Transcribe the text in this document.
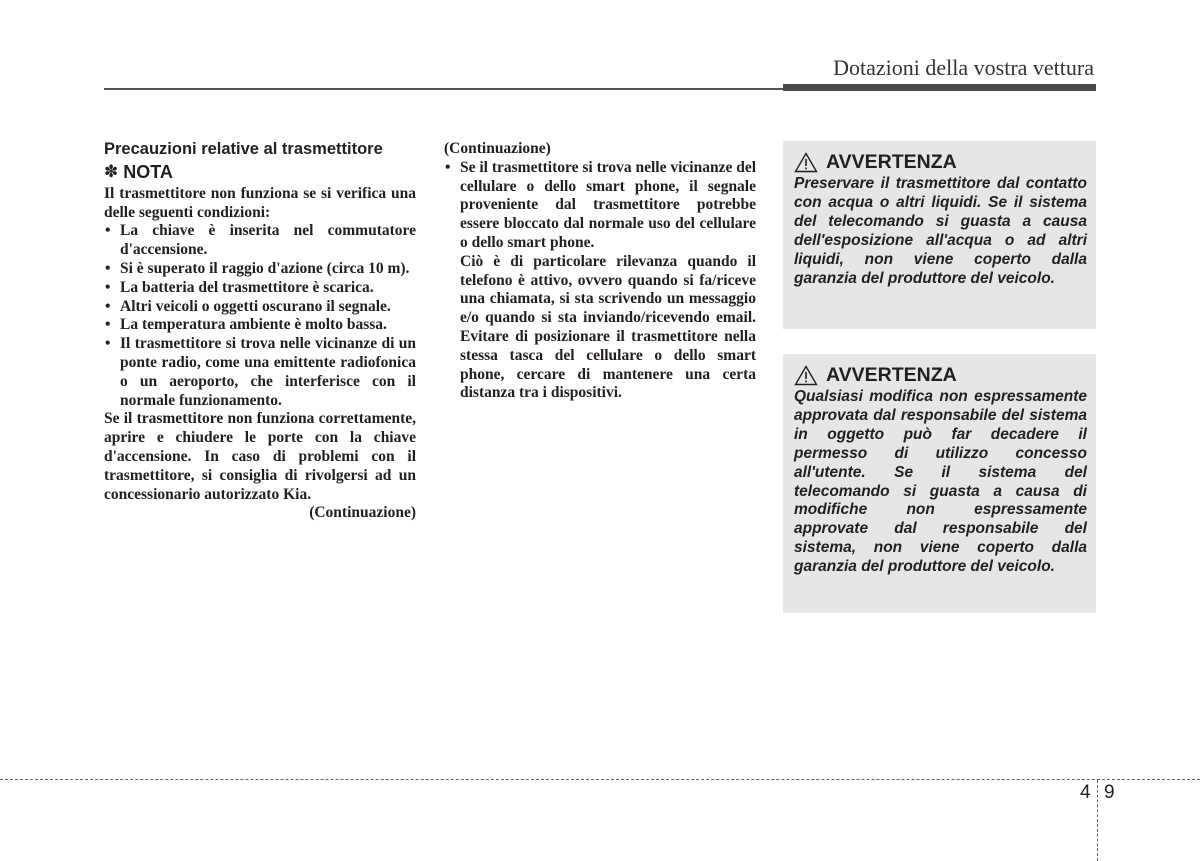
Dotazioni della vostra vettura
Precauzioni relative al trasmettitore
✽ NOTA

Il trasmettitore non funziona se si verifica una delle seguenti condizioni:

• La chiave è inserita nel commutatore d'accensione.
• Si è superato il raggio d'azione (circa 10 m).
• La batteria del trasmettitore è scarica.
• Altri veicoli o oggetti oscurano il segnale.
• La temperatura ambiente è molto bassa.
• Il trasmettitore si trova nelle vicinanze di un ponte radio, come una emittente radiofonica o un aeroporto, che interferisce con il normale funzionamento.

Se il trasmettitore non funziona correttamente, aprire e chiudere le porte con la chiave d'accensione. In caso di problemi con il trasmettitore, si consiglia di rivolgersi ad un concessionario autorizzato Kia.

(Continuazione)

(Continuazione)

• Se il trasmettitore si trova nelle vicinanze del cellulare o dello smart phone, il segnale proveniente dal trasmettitore potrebbe essere bloccato dal normale uso del cellulare o dello smart phone.

Ciò è di particolare rilevanza quando il telefono è attivo, ovvero quando si fa/riceve una chiamata, si sta scrivendo un messaggio e/o quando si sta inviando/ricevendo email. Evitare di posizionare il trasmettitore nella stessa tasca del cellulare o dello smart phone, cercare di mantenere una certa distanza tra i dispositivi.

AVVERTENZA

Preservare il trasmettitore dal contatto con acqua o altri liquidi. Se il sistema del telecomando si guasta a causa dell'esposizione all'acqua o ad altri liquidi, non viene coperto dalla garanzia del produttore del veicolo.

AVVERTENZA

Qualsiasi modifica non espressamente approvata dal responsabile del sistema in oggetto può far decadere il permesso di utilizzo concesso all'utente. Se il sistema del telecomando si guasta a causa di modifiche non espressamente approvate dal responsabile del sistema, non viene coperto dalla garanzia del produttore del veicolo.

4 9
